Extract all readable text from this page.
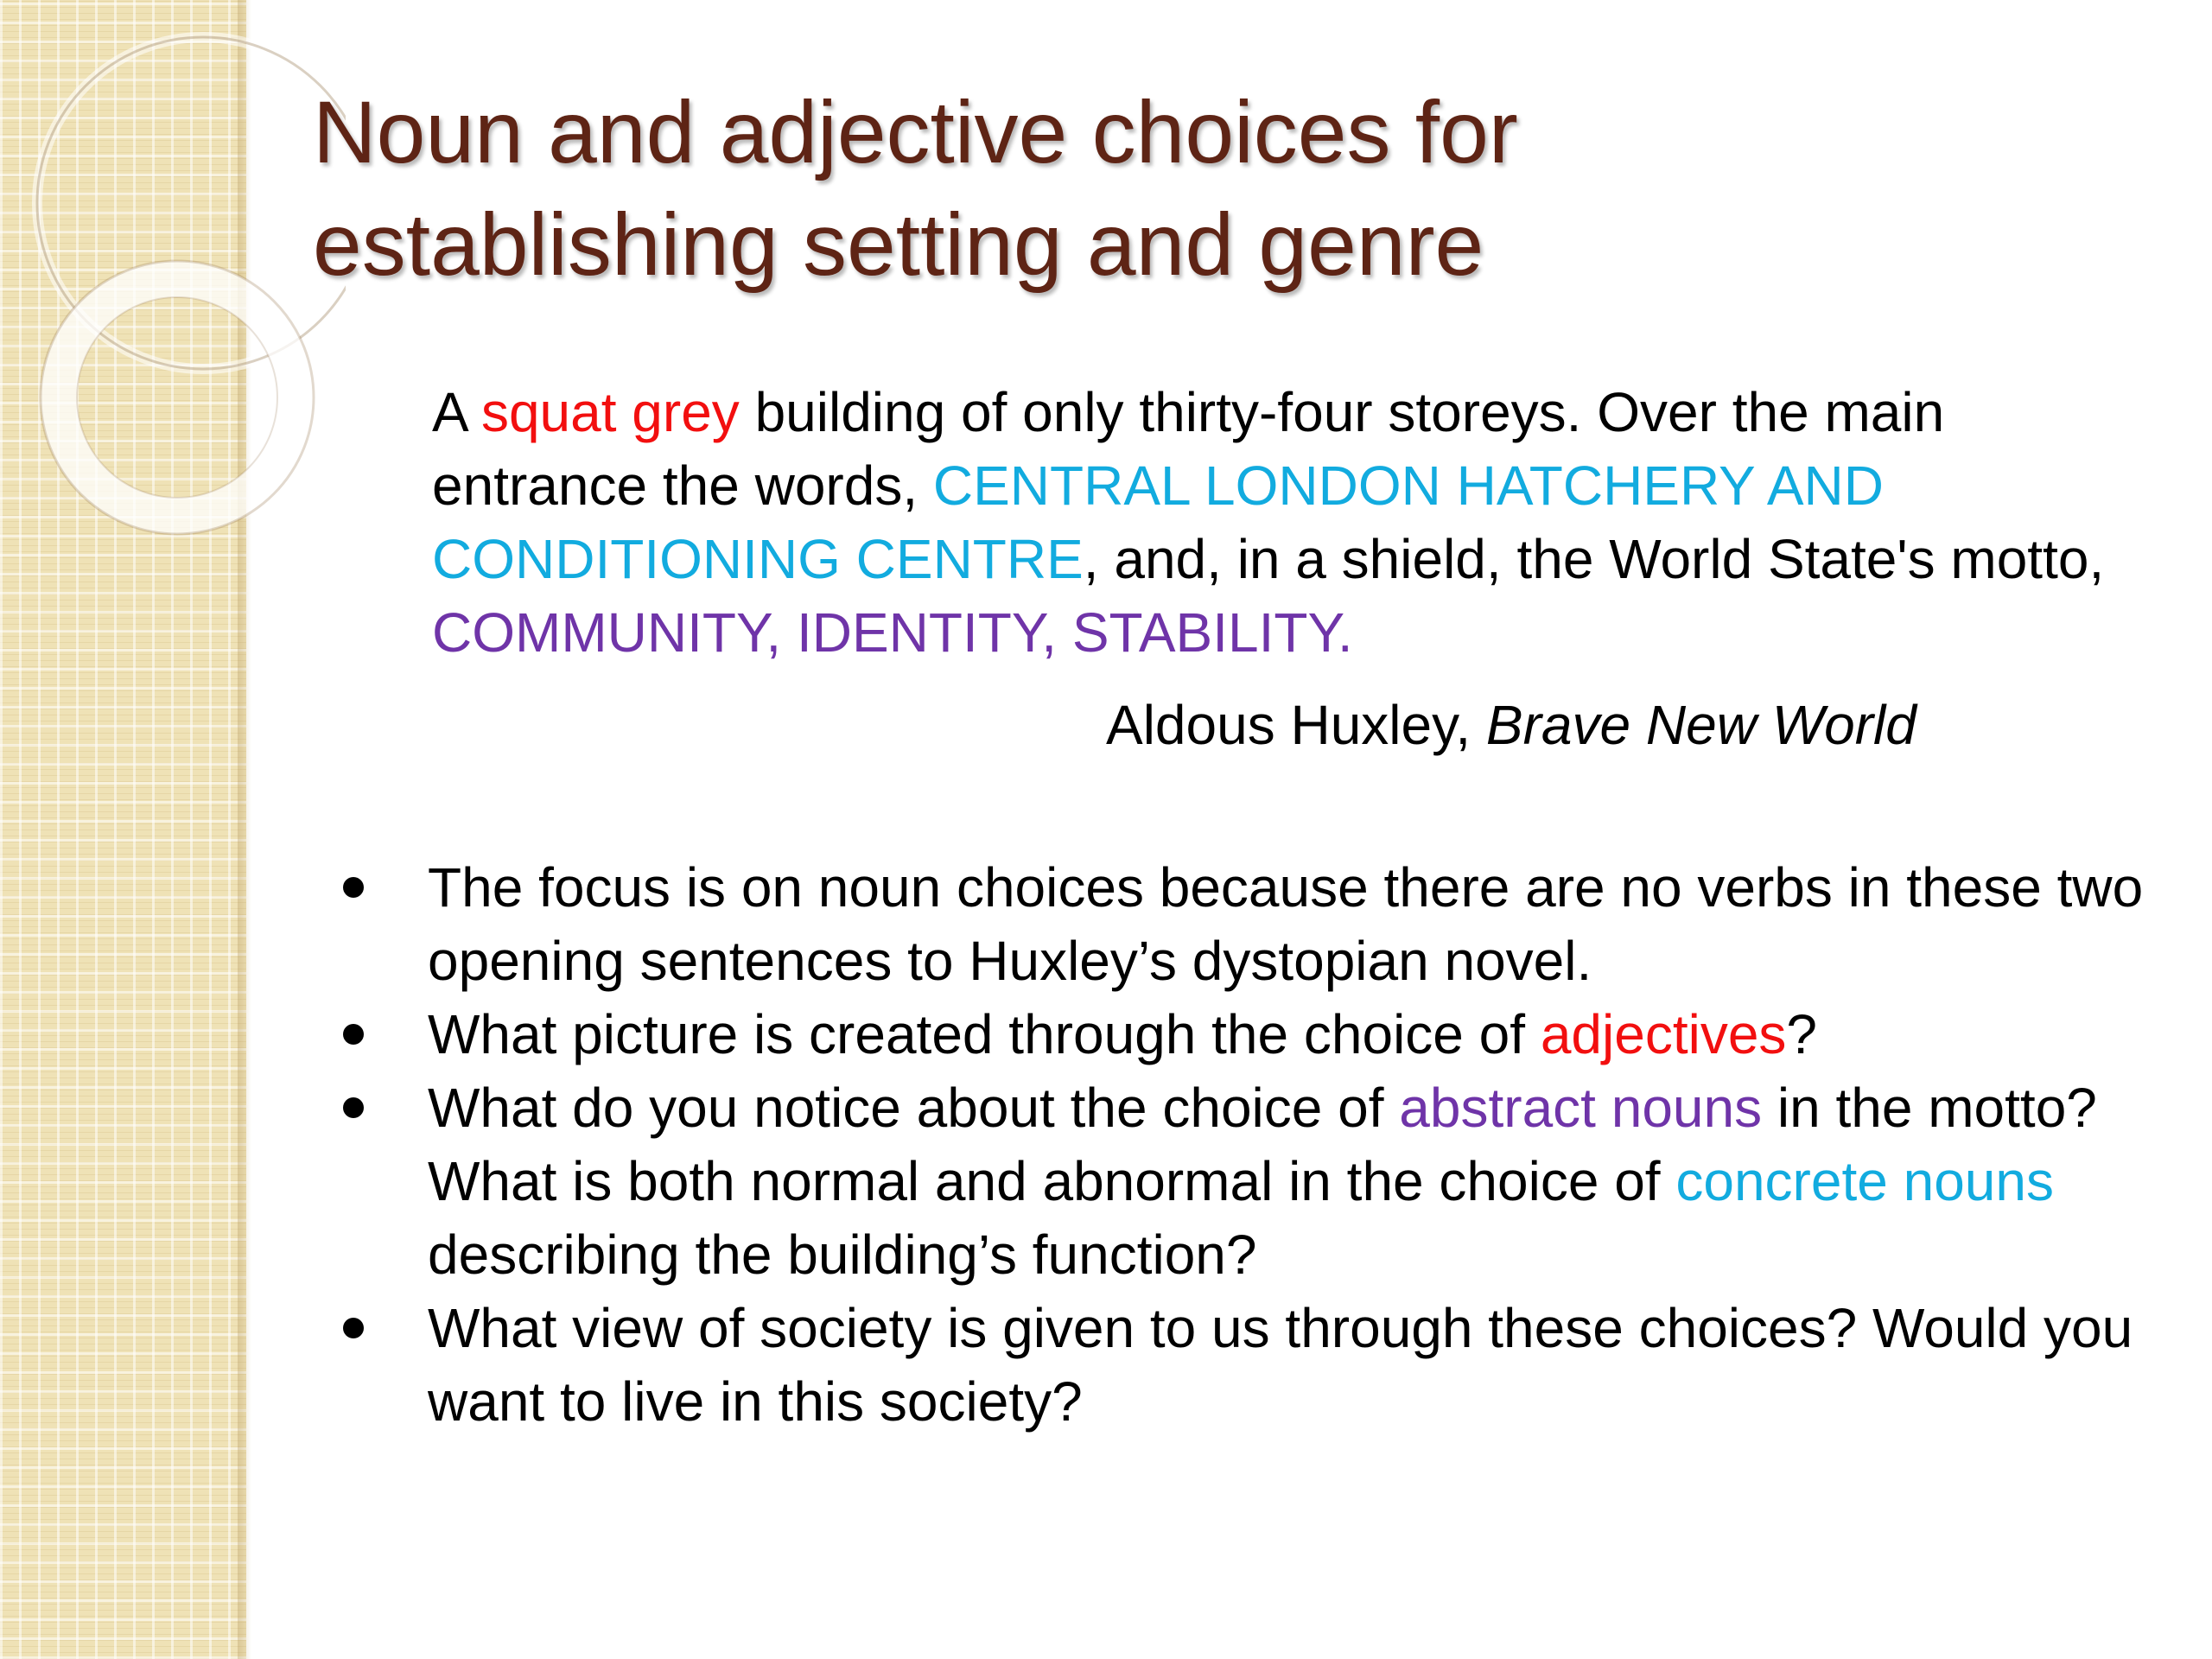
Noun and adjective choices for
establishing setting and genre

A squat grey building of only thirty-four storeys. Over the main entrance the words, CENTRAL LONDON HATCHERY AND CONDITIONING CENTRE, and, in a shield, the World State's motto, COMMUNITY, IDENTITY, STABILITY.

Aldous Huxley, Brave New World
The focus is on noun choices because there are no verbs in these two opening sentences to Huxley’s dystopian novel.
What picture is created through the choice of adjectives?
What do you notice about the choice of abstract nouns in the motto? What is both normal and abnormal in the choice of concrete nouns describing the building’s function?
What view of society is given to us through these choices? Would you want to live in this society?
